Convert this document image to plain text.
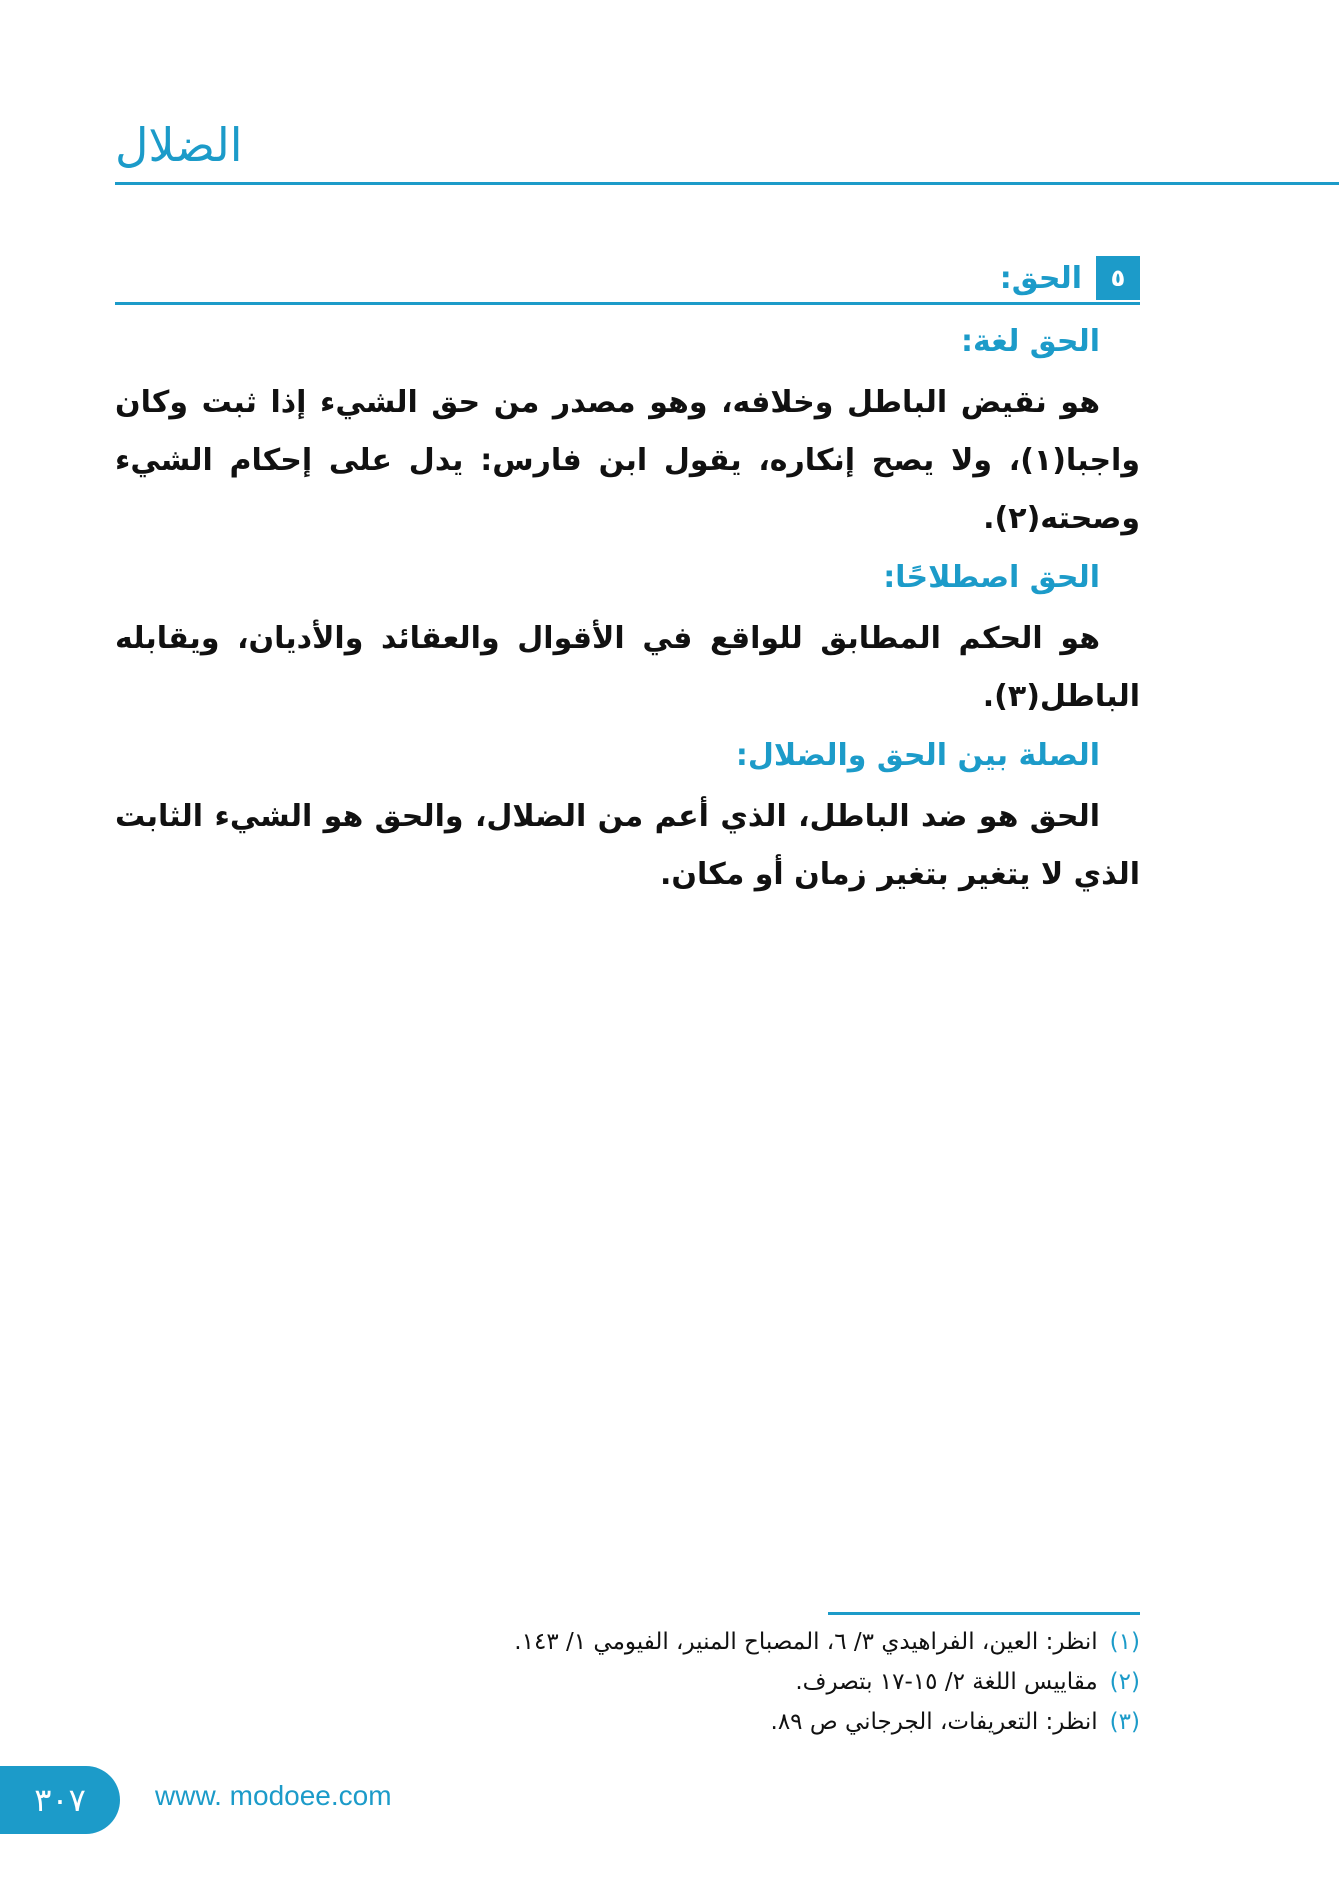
الضلال
٥
الحق:
الحق لغة:

هو نقيض الباطل وخلافه، وهو مصدر من حق الشيء إذا ثبت وكان واجبا(١)، ولا يصح إنكاره، يقول ابن فارس: يدل على إحكام الشيء وصحته(٢).

الحق اصطلاحًا:

هو الحكم المطابق للواقع في الأقوال والعقائد والأديان، ويقابله الباطل(٣).

الصلة بين الحق والضلال:

الحق هو ضد الباطل، الذي أعم من الضلال، والحق هو الشيء الثابت الذي لا يتغير بتغير زمان أو مكان.

(١)انظر: العين، الفراهيدي ٣/ ٦، المصباح المنير، الفيومي ١/ ١٤٣.
(٢)مقاييس اللغة ٢/ ١٥-١٧ بتصرف.
(٣)انظر: التعريفات، الجرجاني ص ٨٩.
٣٠٧	www. modoee.com
